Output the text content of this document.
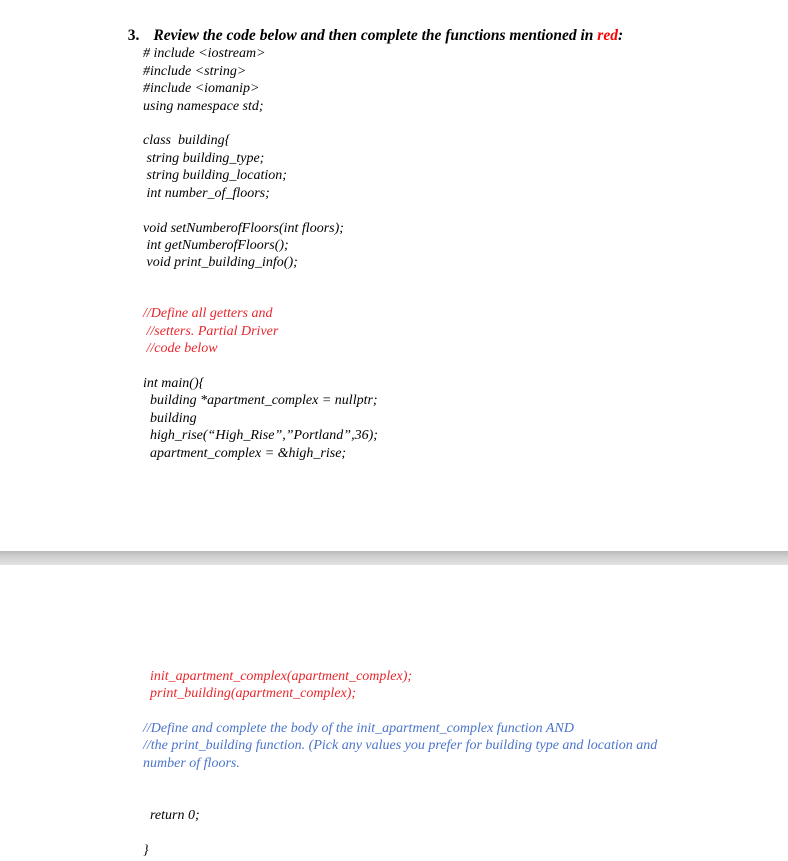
3. Review the code below and then complete the functions mentioned in red:

# include <iostream>
#include <string>
#include <iomanip>
using namespace std;
class  building{
string building_type;
string building_location;
int number_of_floors;
void setNumberofFloors(int floors);
int getNumberofFloors();
void print_building_info();
//Define all getters and
//setters. Partial Driver
//code below
int main(){
building *apartment_complex = nullptr;
building
high_rise(“High_Rise”,”Portland”,36);
apartment_complex = &high_rise;
init_apartment_complex(apartment_complex);
print_building(apartment_complex);
//Define and complete the body of the init_apartment_complex function AND
//the print_building function. (Pick any values you prefer for building type and location and
number of floors.
return 0;
}
